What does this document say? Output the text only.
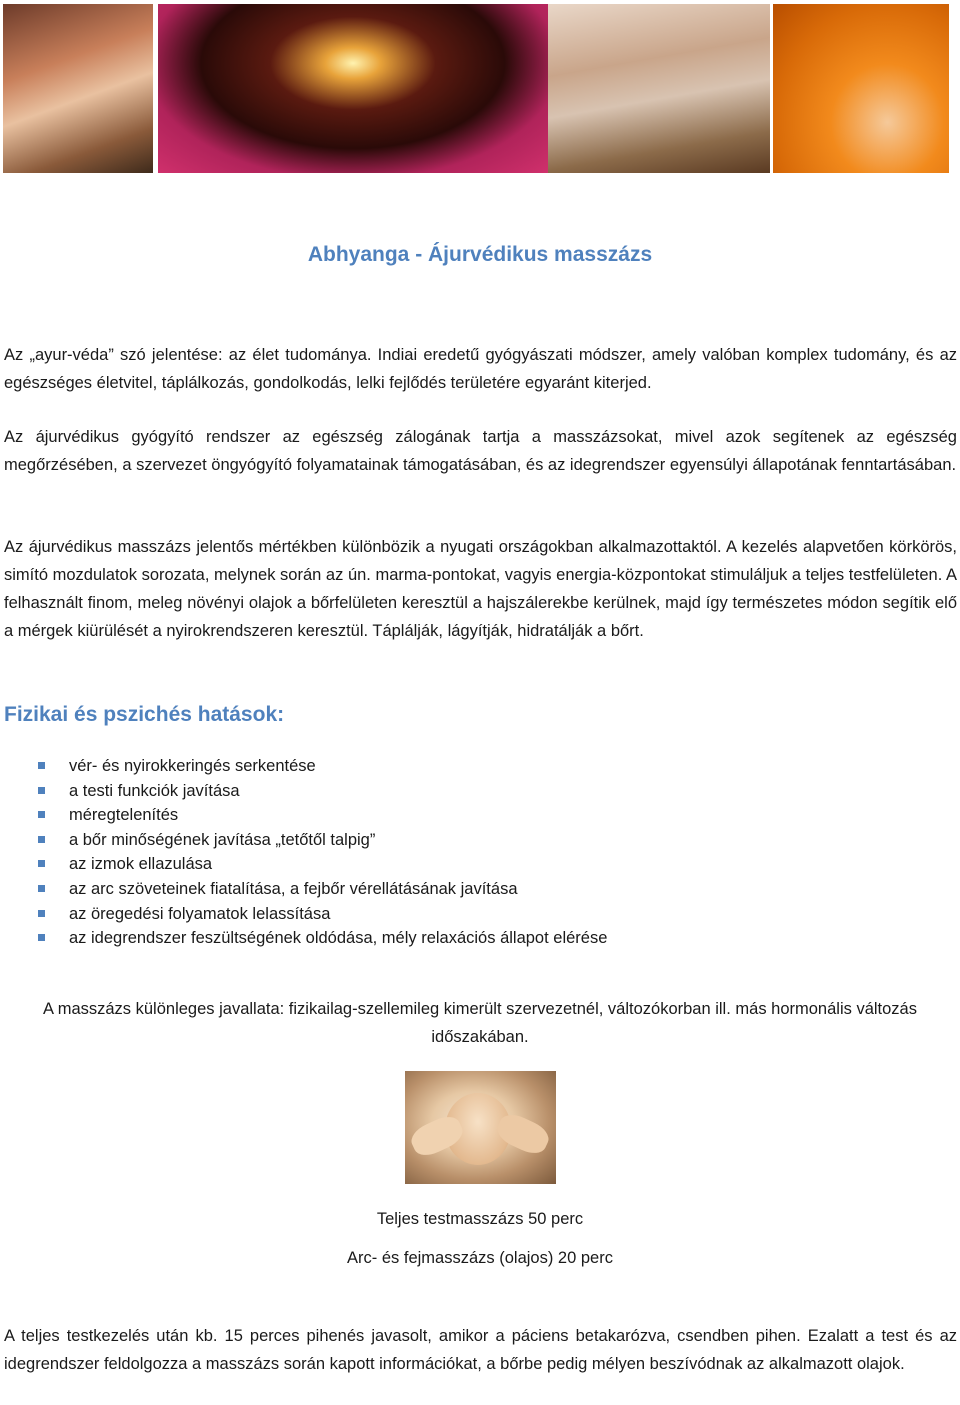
Abhyanga - Ájurvédikus masszázs

Az „ayur-véda” szó jelentése: az élet tudománya. Indiai eredetű gyógyászati módszer, amely valóban komplex tudomány, és az egészséges életvitel, táplálkozás, gondolkodás, lelki fejlődés területére egyaránt kiterjed.

Az ájurvédikus gyógyító rendszer az egészség zálogának tartja a masszázsokat, mivel azok segítenek az egészség megőrzésében, a szervezet öngyógyító folyamatainak támogatásában, és az idegrendszer egyensúlyi állapotának fenntartásában.

Az ájurvédikus masszázs jelentős mértékben különbözik a nyugati országokban alkalmazottaktól. A kezelés alapvetően körkörös, simító mozdulatok sorozata, melynek során az ún. marma-pontokat, vagyis energia-központokat stimuláljuk a teljes testfelületen. A felhasznált finom, meleg növényi olajok a bőrfelületen keresztül a hajszálerekbe kerülnek, majd így természetes módon segítik elő a mérgek kiürülését a nyirokrendszeren keresztül. Táplálják, lágyítják, hidratálják a bőrt.

Fizikai és pszichés hatások:
vér- és nyirokkeringés serkentése
a testi funkciók javítása
méregtelenítés
a bőr minőségének javítása „tetőtől talpig”
az izmok ellazulása
az arc szöveteinek fiatalítása, a fejbőr vérellátásának javítása
az öregedési folyamatok lelassítása
az idegrendszer feszültségének oldódása, mély relaxációs állapot elérése
A masszázs különleges javallata: fizikailag-szellemileg kimerült szervezetnél, változókorban ill. más hormonális változás időszakában.
Teljes testmasszázs 50 perc
Arc- és fejmasszázs (olajos) 20 perc

A teljes testkezelés után kb. 15 perces pihenés javasolt, amikor a páciens betakarózva, csendben pihen. Ezalatt a test és az idegrendszer feldolgozza a masszázs során kapott információkat, a bőrbe pedig mélyen beszívódnak az alkalmazott olajok.
